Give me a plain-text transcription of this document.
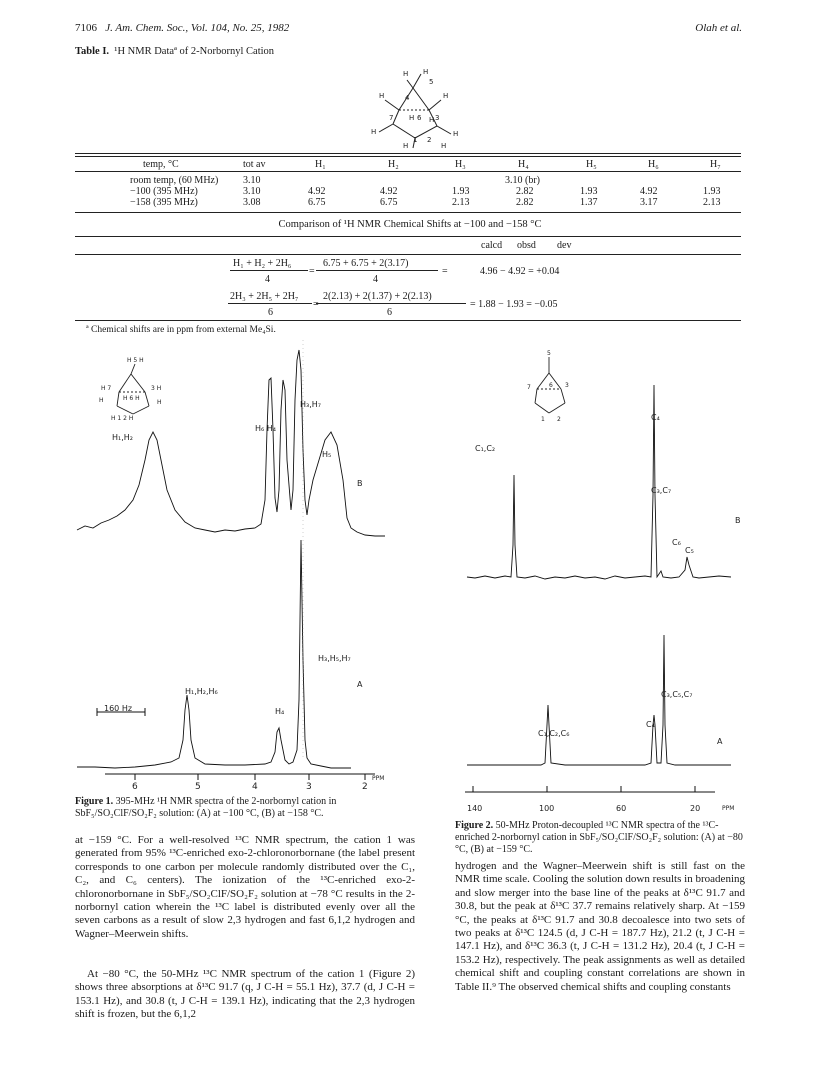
7106 J. Am. Chem. Soc., Vol. 104, No. 25, 1982	Olah et al.
Table I. ¹H NMR Dataª of 2-Norbornyl Cation
H H
H
5
4	H
7 H 6 H 3
H
H
H
1 2
H
temp, °C	tot av	H₁	H₂	H₃	H₄	H₅	H₆	H₇
room temp, (60 MHz) 3.10	3.10 (br)
−100 (395 MHz)	3.10	4.92	4.92	1.93	2.82	1.93	4.92	1.93
−158 (395 MHz)	3.08	6.75	6.75	2.13	2.82	1.37	3.17	2.13
Comparison of ¹H NMR Chemical Shifts at −100 and −158 °C
calcd obsd dev
H₁ + H₂ + 2H₆	6.75 + 6.75 + 2(3.17)
=	=
4	4
4.96 − 4.92 = +0.04
2H₃ + 2H₅ + 2H₇ 2(2.13) + 2(1.37) + 2(2.13)
=
6	6
= 1.88 − 1.93 = −0.05
ª Chemical shifts are in ppm from external Me₄Si.
H 5 H
H 7	3 H
H	H 6 H
H
H 1 2 H
H₁,H₂
H₆ H₄
H₃,H₇
H₅
B
H₃,H₅,H₇
A
H₁,H₂,H₆
H₄
160 Hz
6	5	4	3	2
PPM
Figure 1. 395-MHz ¹H NMR spectra of the 2-norbornyl cation in SbF₅/SO₂ClF/SO₂F₂ solution: (A) at −100 °C, (B) at −158 °C.
5
7	6 3
1 2	C₄
C₁,C₂
C₃,C₇
C₆
C₅
B
C₃,C₅,C₇
C₁,C₂,C₆
C₄
A
140	100	60	20	PPM
Figure 2. 50-MHz Proton-decoupled ¹³C NMR spectra of the ¹³C-enriched 2-norbornyl cation in SbF₅/SO₂ClF/SO₂F₂ solution: (A) at −80 °C, (B) at −159 °C.
at −159 °C. For a well-resolved ¹³C NMR spectrum, the cation 1 was generated from 95% ¹³C-enriched exo-2-chloronorbornane (the label present corresponds to one carbon per molecule randomly distributed over the C₁, C₂, and C₆ centers). The ionization of the ¹³C-enriched exo-2-chloronorbornane in SbF₅/SO₂ClF/SO₂F₂ solution at −78 °C results in the 2-norbornyl cation wherein the ¹³C label is distributed evenly over all the seven carbons as a result of slow 2,3 hydrogen and fast 6,1,2 hydrogen and Wagner–Meerwein shifts.
At −80 °C, the 50-MHz ¹³C NMR spectrum of the cation 1 (Figure 2) shows three absorptions at δ¹³C 91.7 (q, J C-H = 55.1 Hz), 37.7 (d, J C-H = 153.1 Hz), and 30.8 (t, J C-H = 139.1 Hz), indicating that the 2,3 hydrogen shift is frozen, but the 6,1,2
hydrogen and the Wagner–Meerwein shift is still fast on the NMR time scale. Cooling the solution down results in broadening and slow merger into the base line of the peaks at δ¹³C 91.7 and 30.8, but the peak at δ¹³C 37.7 remains relatively sharp. At −159 °C, the peaks at δ¹³C 91.7 and 30.8 decoalesce into two sets of two peaks at δ¹³C 124.5 (d, J C-H = 187.7 Hz), 21.2 (t, J C-H = 147.1 Hz), and δ¹³C 36.3 (t, J C-H = 131.2 Hz), 20.4 (t, J C-H = 153.2 Hz), respectively. The peak assignments as well as detailed chemical shift and coupling constant correlations are shown in Table II.⁹ The observed chemical shifts and coupling constants
